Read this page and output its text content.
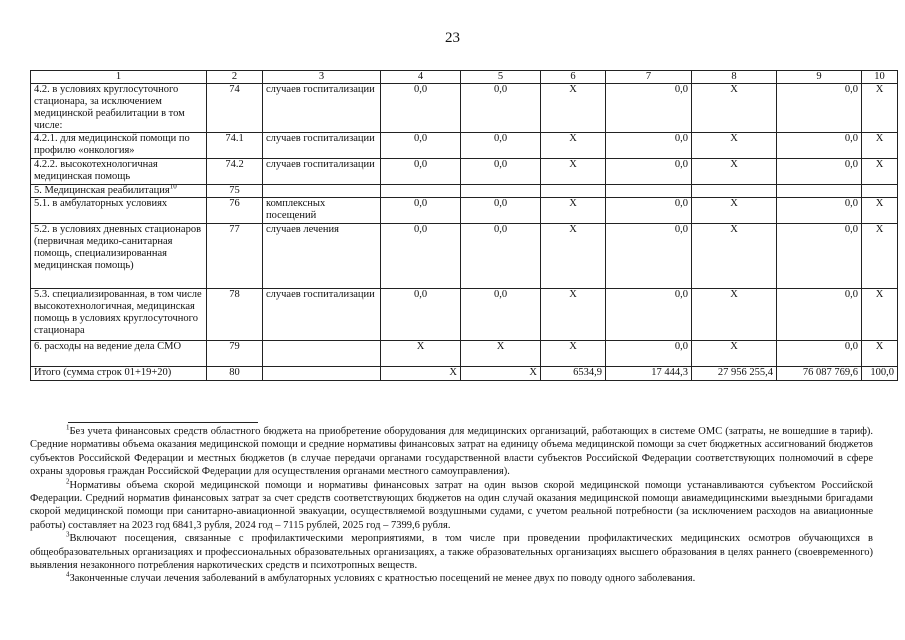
23
1	2	3	4	5	6	7	8	9	10
4.2. в условиях круглосуточного стационара, за исключением медицинской реабилитации в том числе:	74	случаев госпитализации	0,0	0,0	Х	0,0	Х	0,0	Х
4.2.1. для медицинской помощи по профилю «онкология»	74.1	случаев госпитализации	0,0	0,0	Х	0,0	Х	0,0	Х
4.2.2. высокотехнологичная медицинская помощь	74.2	случаев госпитализации	0,0	0,0	Х	0,0	Х	0,0	Х
5. Медицинская реабилитация$^{10}$	75								
5.1. в амбулаторных условиях	76	комплексных посещений	0,0	0,0	Х	0,0	Х	0,0	Х
5.2. в условиях дневных стационаров (первичная медико-санитарная помощь, специализированная медицинская помощь)	77	случаев лечения	0,0	0,0	Х	0,0	Х	0,0	Х
5.3. специализированная, в том числе высокотехнологичная, медицинская помощь в условиях круглосуточного стационара	78	случаев госпитализации	0,0	0,0	Х	0,0	Х	0,0	Х
6. расходы на ведение дела СМО	79		Х	Х	Х	0,0	Х	0,0	Х
Итого (сумма строк 01+19+20)	80		Х	Х	6534,9	17 444,3	27 956 255,4	76 087 769,6	100,0

$^1$Без учета финансовых средств областного бюджета на приобретение оборудования для медицинских организаций, работающих в системе ОМС (затраты, не вошедшие в тариф). Средние нормативы объема оказания медицинской помощи и средние нормативы финансовых затрат на единицу объема медицинской помощи за счет бюджетных ассигнований бюджетов субъектов Российской Федерации и местных бюджетов (в случае передачи органами государственной власти субъектов Российской Федерации соответствующих полномочий в сфере охраны здоровья граждан Российской Федерации для осуществления органами местного самоуправления).

$^2$Нормативы объема скорой медицинской помощи и нормативы финансовых затрат на один вызов скорой медицинской помощи устанавливаются субъектом Российской Федерации. Средний норматив финансовых затрат за счет средств соответствующих бюджетов на один случай оказания медицинской помощи авиамедицинскими выездными бригадами скорой медицинской помощи при санитарно-авиационной эвакуации, осуществляемой воздушными судами, с учетом реальной потребности (за исключением расходов на авиационные работы) составляет на 2023 год 6841,3 рубля, 2024 год – 7115 рублей, 2025 год – 7399,6 рубля.

$^3$Включают посещения, связанные с профилактическими мероприятиями, в том числе при проведении профилактических медицинских осмотров обучающихся в общеобразовательных организациях и профессиональных образовательных организациях, а также образовательных организациях высшего образования в целях раннего (своевременного) выявления незаконного потребления наркотических средств и психотропных веществ.

$^4$Законченные случаи лечения заболеваний в амбулаторных условиях с кратностью посещений не менее двух по поводу одного заболевания.
